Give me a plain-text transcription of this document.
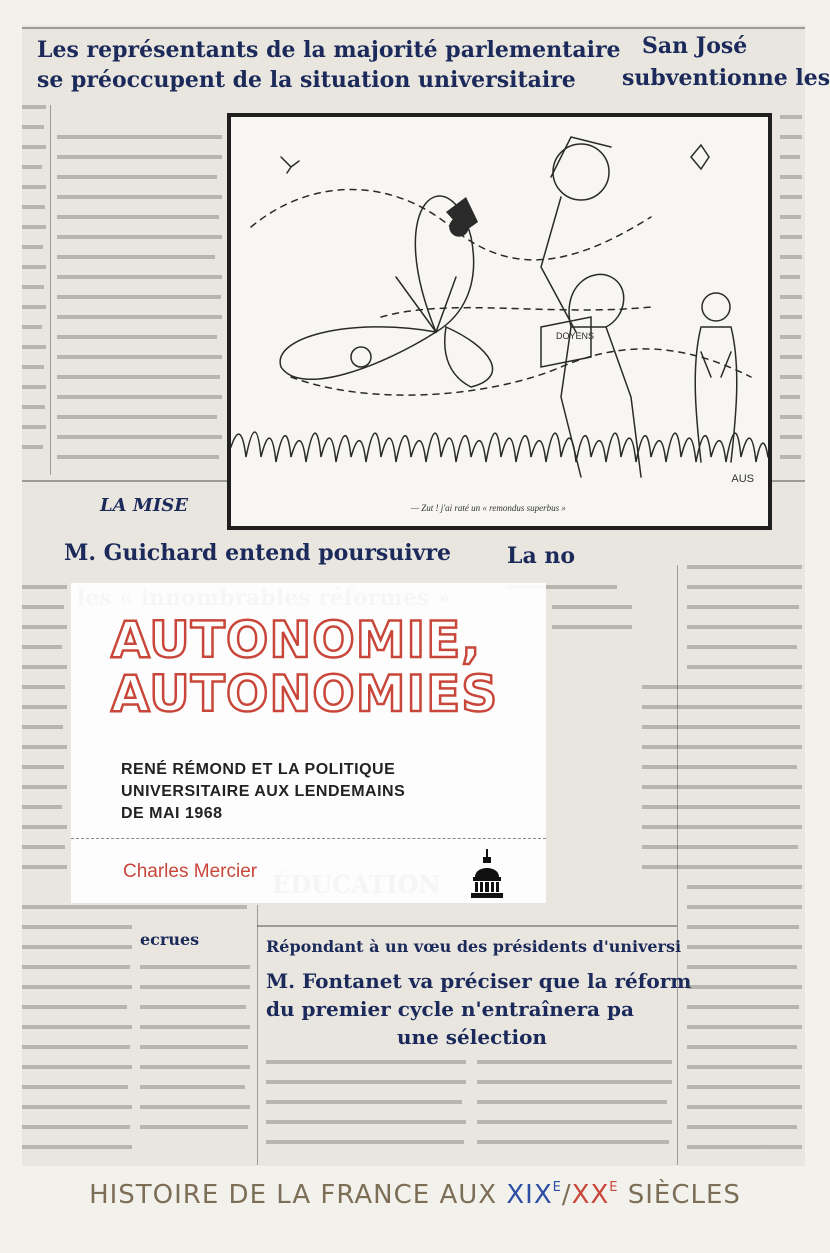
Les représentants de la majorité parlementaire
se préoccupent de la situation universitaire
San José
subventionne les
LA MISE
M. Guichard entend poursuivre	La no
ecrues	Répondant à un vœu des présidents d'universi
M. Fontanet va préciser que la réform
du premier cycle n'entraînera pa
une sélection
DOYENS
— Zut ! j'ai raté un « remondus superbus »
AUS
AUTONOMIE,
AUTONOMIES
RENÉ RÉMOND ET LA POLITIQUE
UNIVERSITAIRE AUX LENDEMAINS
DE MAI 1968
Charles Mercier
HISTOIRE DE LA FRANCE AUX $XIX^E/XX^E$ SIÈCLES
